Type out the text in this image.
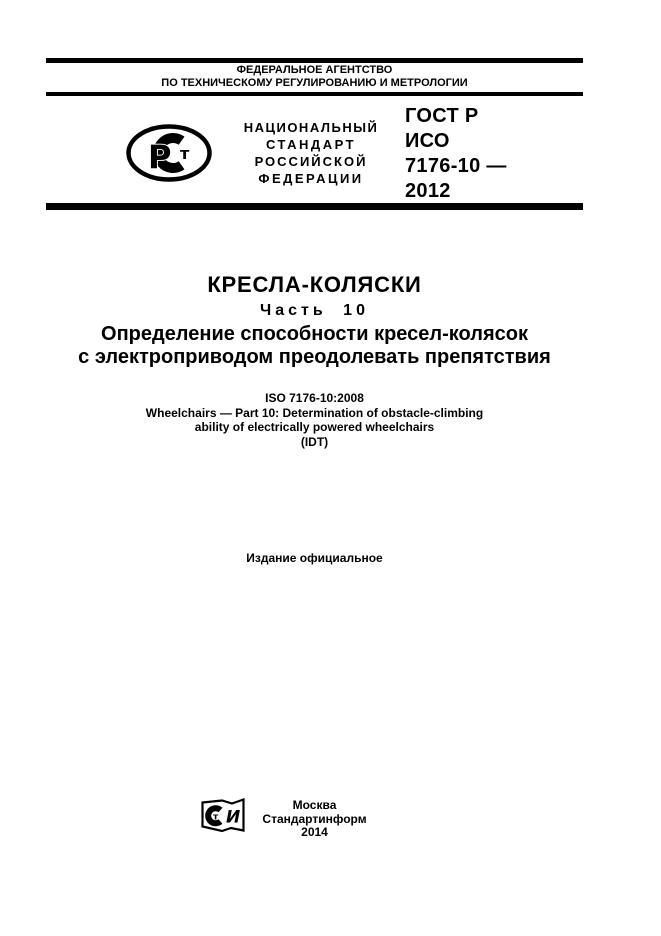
ФЕДЕРАЛЬНОЕ АГЕНТСТВО
ПО ТЕХНИЧЕСКОМУ РЕГУЛИРОВАНИЮ И МЕТРОЛОГИИ
Р т
НАЦИОНАЛЬНЫЙ
СТАНДАРТ
РОССИЙСКОЙ
ФЕДЕРАЦИИ
ГОСТ Р
ИСО
7176-10 —
2012
КРЕСЛА-КОЛЯСКИ
Часть 10
Определение способности кресел-колясок
с электроприводом преодолевать препятствия
ISO 7176-10:2008
Wheelchairs — Part 10: Determination of obstacle-climbing
ability of electrically powered wheelchairs
(IDT)
Издание официальное
т И
Москва
Стандартинформ
2014
